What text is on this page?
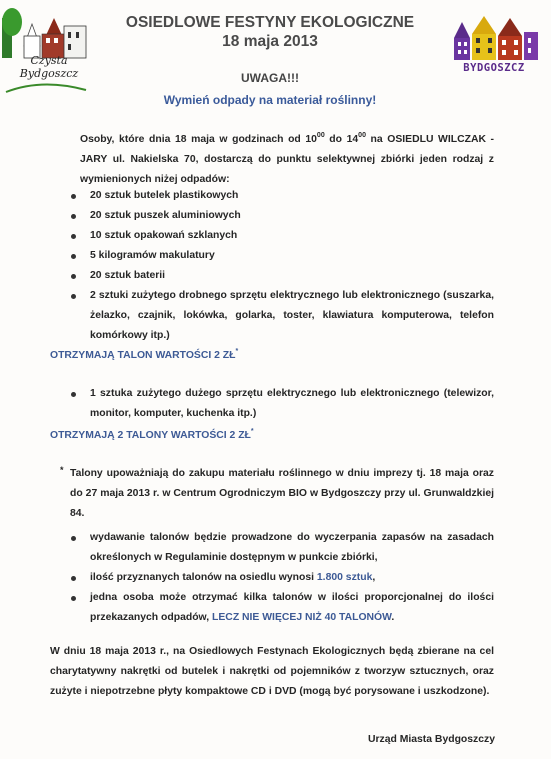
Czysta
Bydgoszcz
OSIEDLOWE FESTYNY EKOLOGICZNE
18 maja 2013
BYDGOSZCZ
UWAGA!!!
Wymień odpady na materiał roślinny!
Osoby, które dnia 18 maja w godzinach od $10^{00}$ do $14^{00}$ na OSIEDLU WILCZAK - JARY ul. Nakielska 70, dostarczą do punktu selektywnej zbiórki jeden rodzaj z wymienionych niżej odpadów:
20 sztuk butelek plastikowych
20 sztuk puszek aluminiowych
10 sztuk opakowań szklanych
5 kilogramów makulatury
20 sztuk baterii
2 sztuki zużytego drobnego sprzętu elektrycznego lub elektronicznego (suszarka, żelazko, czajnik, lokówka, golarka, toster, klawiatura komputerowa, telefon komórkowy itp.)
OTRZYMAJĄ TALON WARTOŚCI 2 ZŁ*
1 sztuka zużytego dużego sprzętu elektrycznego lub elektronicznego (telewizor, monitor, komputer, kuchenka itp.)
OTRZYMAJĄ 2 TALONY WARTOŚCI 2 ZŁ*
* Talony upoważniają do zakupu materiału roślinnego w dniu imprezy tj. 18 maja oraz do 27 maja 2013 r. w Centrum Ogrodniczym BIO w Bydgoszczy przy ul. Grunwaldzkiej 84.
wydawanie talonów będzie prowadzone do wyczerpania zapasów na zasadach określonych w Regulaminie dostępnym w punkcie zbiórki,
ilość przyznanych talonów na osiedlu wynosi 1.800 sztuk,
jedna osoba może otrzymać kilka talonów w ilości proporcjonalnej do ilości przekazanych odpadów, LECZ NIE WIĘCEJ NIŻ 40 TALONÓW.
W dniu 18 maja 2013 r., na Osiedlowych Festynach Ekologicznych będą zbierane na cel charytatywny nakrętki od butelek i nakrętki od pojemników z tworzyw sztucznych, oraz zużyte i niepotrzebne płyty kompaktowe CD i DVD (mogą być porysowane i uszkodzone).
Urząd Miasta Bydgoszczy
